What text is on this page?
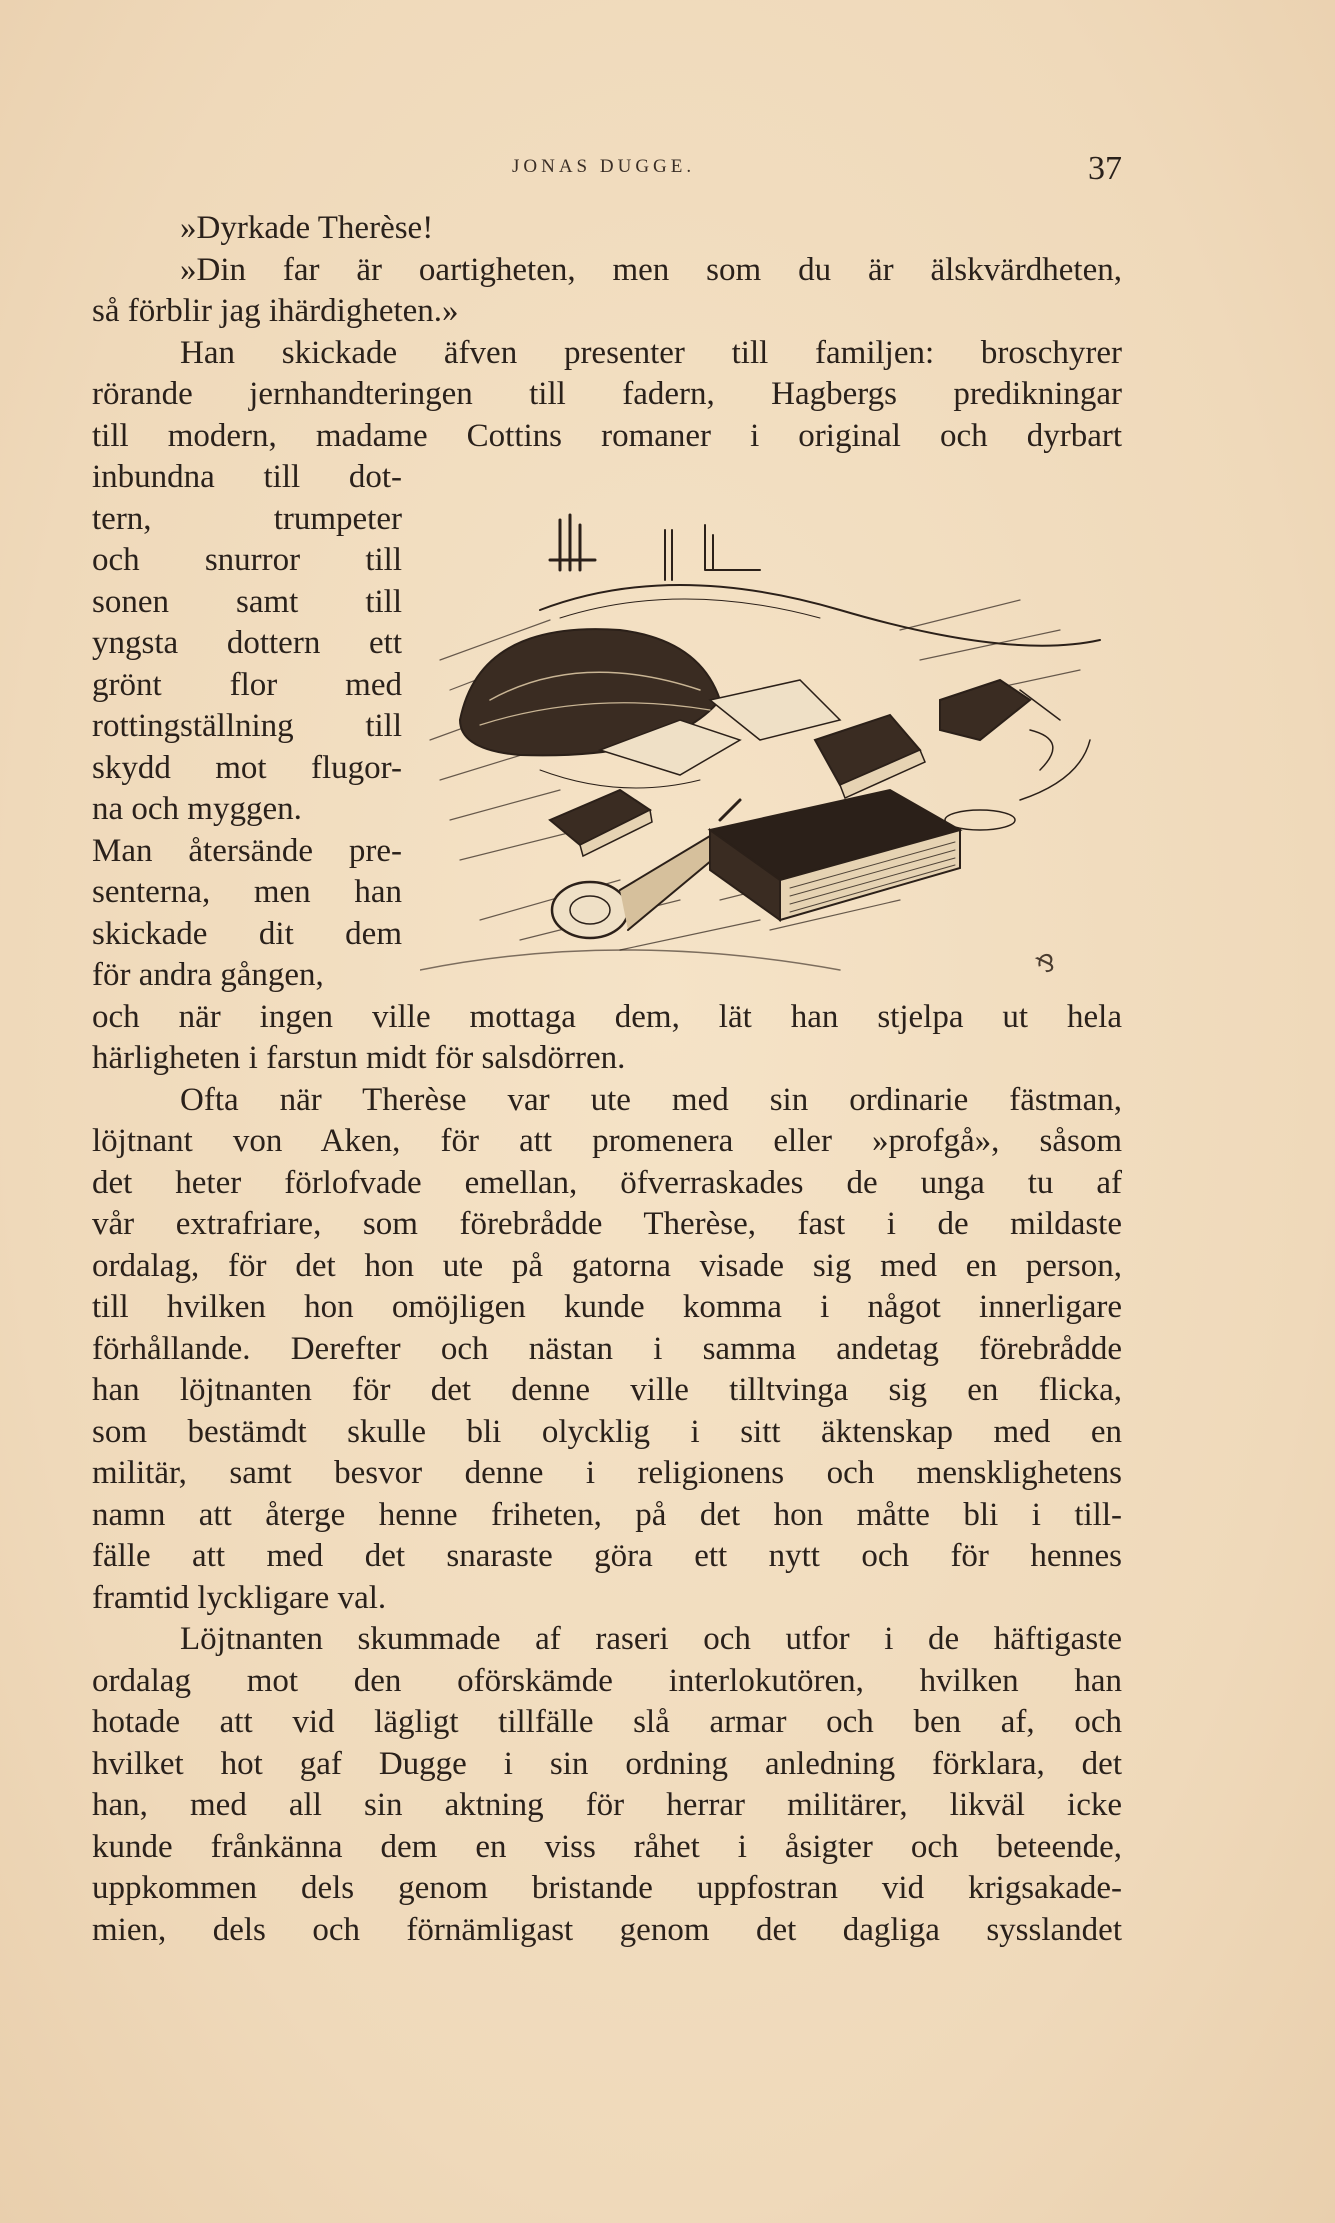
JONAS DUGGE.	37
»Dyrkade Therèse!
»Din far är oartigheten, men som du är älskvärdheten,
så förblir jag ihärdigheten.»
Han skickade äfven presenter till familjen: broschyrer
rörande jernhandteringen till fadern, Hagbergs predikningar
till modern, madame Cottins romaner i original och dyrbart
inbundna till dot-
tern, trumpeter
och snurror till
sonen samt till
yngsta dottern ett
grönt flor med
rottingställning till
skydd mot flugor-
na och myggen.
Man återsände pre-
senterna, men han
skickade dit dem
för andra gången,
och när ingen ville mottaga dem, lät han stjelpa ut hela
härligheten i farstun midt för salsdörren.
Ofta när Therèse var ute med sin ordinarie fästman,
löjtnant von Aken, för att promenera eller »profgå», såsom
det heter förlofvade emellan, öfverraskades de unga tu af
vår extrafriare, som förebrådde Therèse, fast i de mildaste
ordalag, för det hon ute på gatorna visade sig med en person,
till hvilken hon omöjligen kunde komma i något innerligare
förhållande. Derefter och nästan i samma andetag förebrådde
han löjtnanten för det denne ville tilltvinga sig en flicka,
som bestämdt skulle bli olycklig i sitt äktenskap med en
militär, samt besvor denne i religionens och mensklighetens
namn att återge henne friheten, på det hon måtte bli i till-
fälle att med det snaraste göra ett nytt och för hennes
framtid lyckligare val.
Löjtnanten skummade af raseri och utfor i de häftigaste
ordalag mot den oförskämde interlokutören, hvilken han
hotade att vid lägligt tillfälle slå armar och ben af, och
hvilket hot gaf Dugge i sin ordning anledning förklara, det
han, med all sin aktning för herrar militärer, likväl icke
kunde frånkänna dem en viss råhet i åsigter och beteende,
uppkommen dels genom bristande uppfostran vid krigsakade-
mien, dels och förnämligast genom det dagliga sysslandet
⅋
